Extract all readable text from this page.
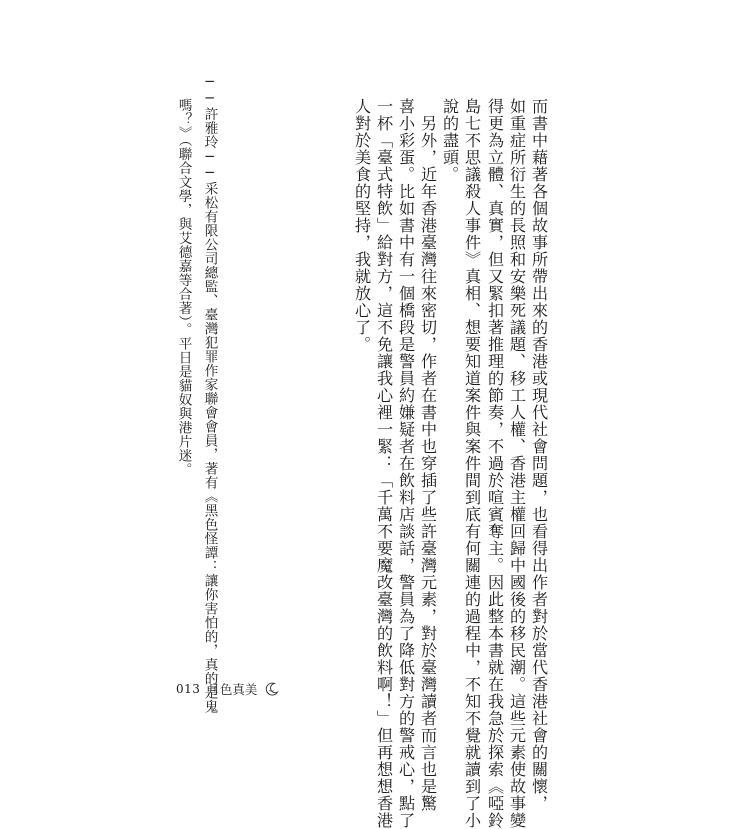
而書中藉著各個故事所帶出來的香港或現代社會問題，也看得出作者對於當代香港社會的關懷，
如重症所衍生的長照和安樂死議題、移工人權、香港主權回歸中國後的移民潮。這些元素使故事變
得更為立體、真實，但又緊扣著推理的節奏，不過於喧賓奪主。因此整本書就在我急於探索《啞鈴
島七不思議殺人事件》真相、想要知道案件與案件間到底有何關連的過程中，不知不覺就讀到了小
說的盡頭。
另外，近年香港臺灣往來密切，作者在書中也穿插了些許臺灣元素，對於臺灣讀者而言也是驚
喜小彩蛋。比如書中有一個橋段是警員約嫌疑者在飲料店談話，警員為了降低對方的警戒心，點了
一杯「臺式特飲」給對方，這不免讓我心裡一緊：「千萬不要魔改臺灣的飲料啊！」但再想想香港
人對於美食的堅持，我就放心了。
──許雅玲──采松有限公司總監、臺灣犯罪作家聯會會員，著有《黑色怪譚：讓你害怕的，真的是鬼
嗎？》（聯合文學，與艾德嘉等合著）。平日是貓奴與港片迷。
013 月色真美
